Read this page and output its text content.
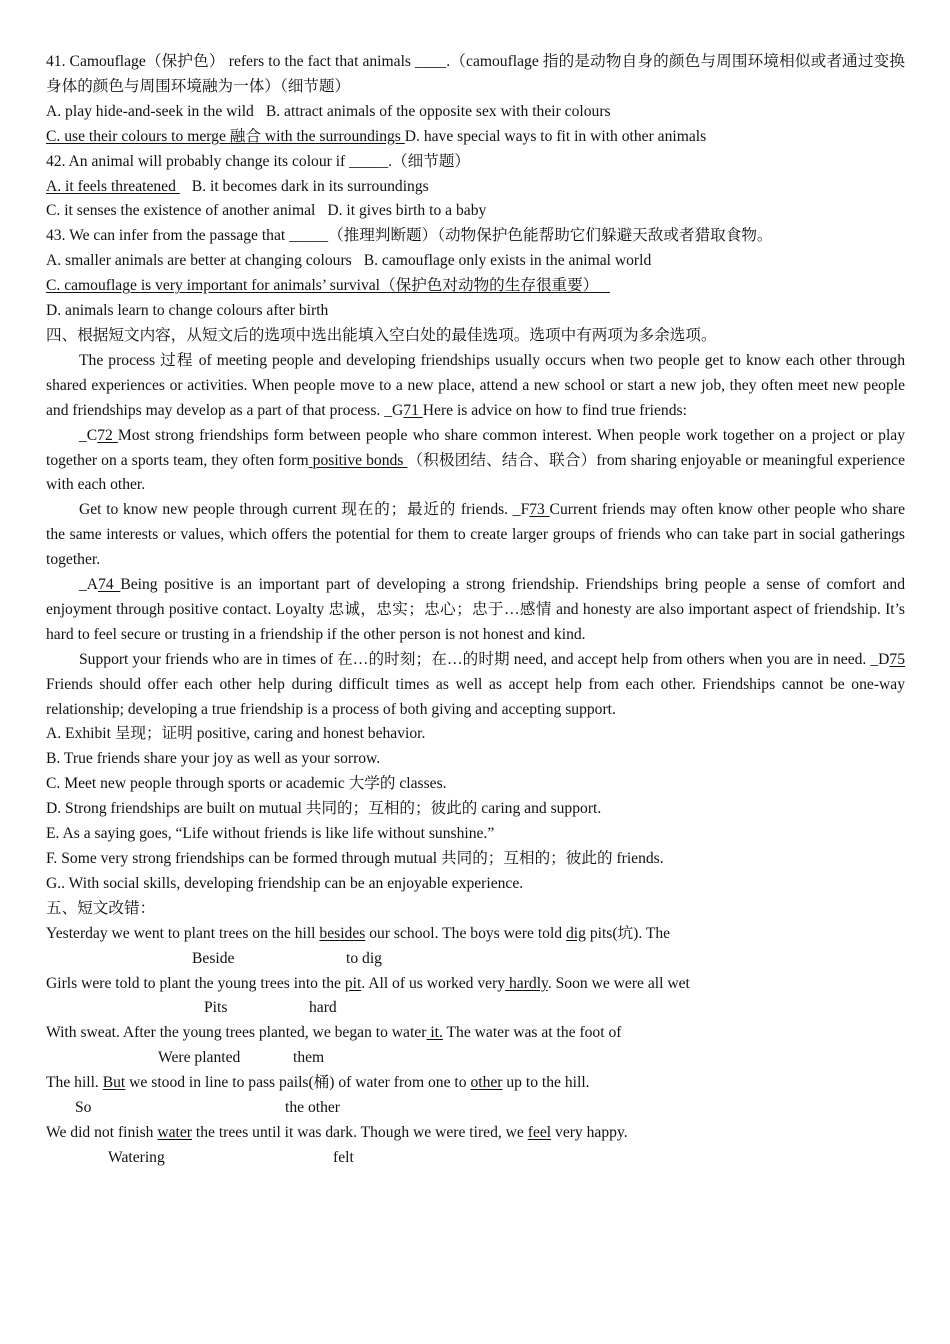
41. Camouflage（保护色） refers to the fact that animals ____.（camouflage 指的是动物自身的颜色与周围环境相似或者通过变换身体的颜色与周围环境融为一体）（细节题）
A. play hide-and-seek in the wild B. attract animals of the opposite sex with their colours
C. use their colours to merge 融合 with the surroundings D. have special ways to fit in with other animals
42. An animal will probably change its colour if _____.（细节题）
A. it feels threatened B. it becomes dark in its surroundings
C. it senses the existence of another animal D. it gives birth to a baby
43. We can infer from the passage that _____（推理判断题）（动物保护色能帮助它们躲避天敌或者猎取食物。
A. smaller animals are better at changing colours B. camouflage only exists in the animal world
C. camouflage is very important for animals’ survival（保护色对动物的生存很重要）
D. animals learn to change colours after birth
四、根据短文内容，从短文后的选项中选出能填入空白处的最佳选项。选项中有两项为多余选项。
The process 过程 of meeting people and developing friendships usually occurs when two people get to know each other through shared experiences or activities. When people move to a new place, attend a new school or start a new job, they often meet new people and friendships may develop as a part of that process. _G71 Here is advice on how to find true friends:
_C72 Most strong friendships form between people who share common interest. When people work together on a project or play together on a sports team, they often form positive bonds （积极团结、结合、联合）from sharing enjoyable or meaningful experience with each other.
Get to know new people through current 现在的；最近的 friends. _F73 Current friends may often know other people who share the same interests or values, which offers the potential for them to create larger groups of friends who can take part in social gatherings together.
_A74 Being positive is an important part of developing a strong friendship. Friendships bring people a sense of comfort and enjoyment through positive contact. Loyalty 忠诚，忠实；忠心；忠于…感情 and honesty are also important aspect of friendship. It’s hard to feel secure or trusting in a friendship if the other person is not honest and kind.
Support your friends who are in times of 在…的时刻；在…的时期 need, and accept help from others when you are in need. _D75 Friends should offer each other help during difficult times as well as accept help from each other. Friendships cannot be one-way relationship; developing a true friendship is a process of both giving and accepting support.
A. Exhibit 呈现；证明 positive, caring and honest behavior.
B. True friends share your joy as well as your sorrow.
C. Meet new people through sports or academic 大学的 classes.
D. Strong friendships are built on mutual 共同的；互相的；彼此的 caring and support.
E. As a saying goes, “Life without friends is like life without sunshine.”
F. Some very strong friendships can be formed through mutual 共同的；互相的；彼此的 friends.
G.. With social skills, developing friendship can be an enjoyable experience.
五、短文改错：
Yesterday we went to plant trees on the hill besides our school. The boys were told dig pits(坑). The
Beside	to dig
Girls were told to plant the young trees into the pit. All of us worked very hardly. Soon we were all wet
Pits	hard
With sweat. After the young trees planted, we began to water it. The water was at the foot of
Were planted	them
The hill. But we stood in line to pass pails(桶) of water from one to other up to the hill.
So	the other
We did not finish water the trees until it was dark. Though we were tired, we feel very happy.
Watering	felt
